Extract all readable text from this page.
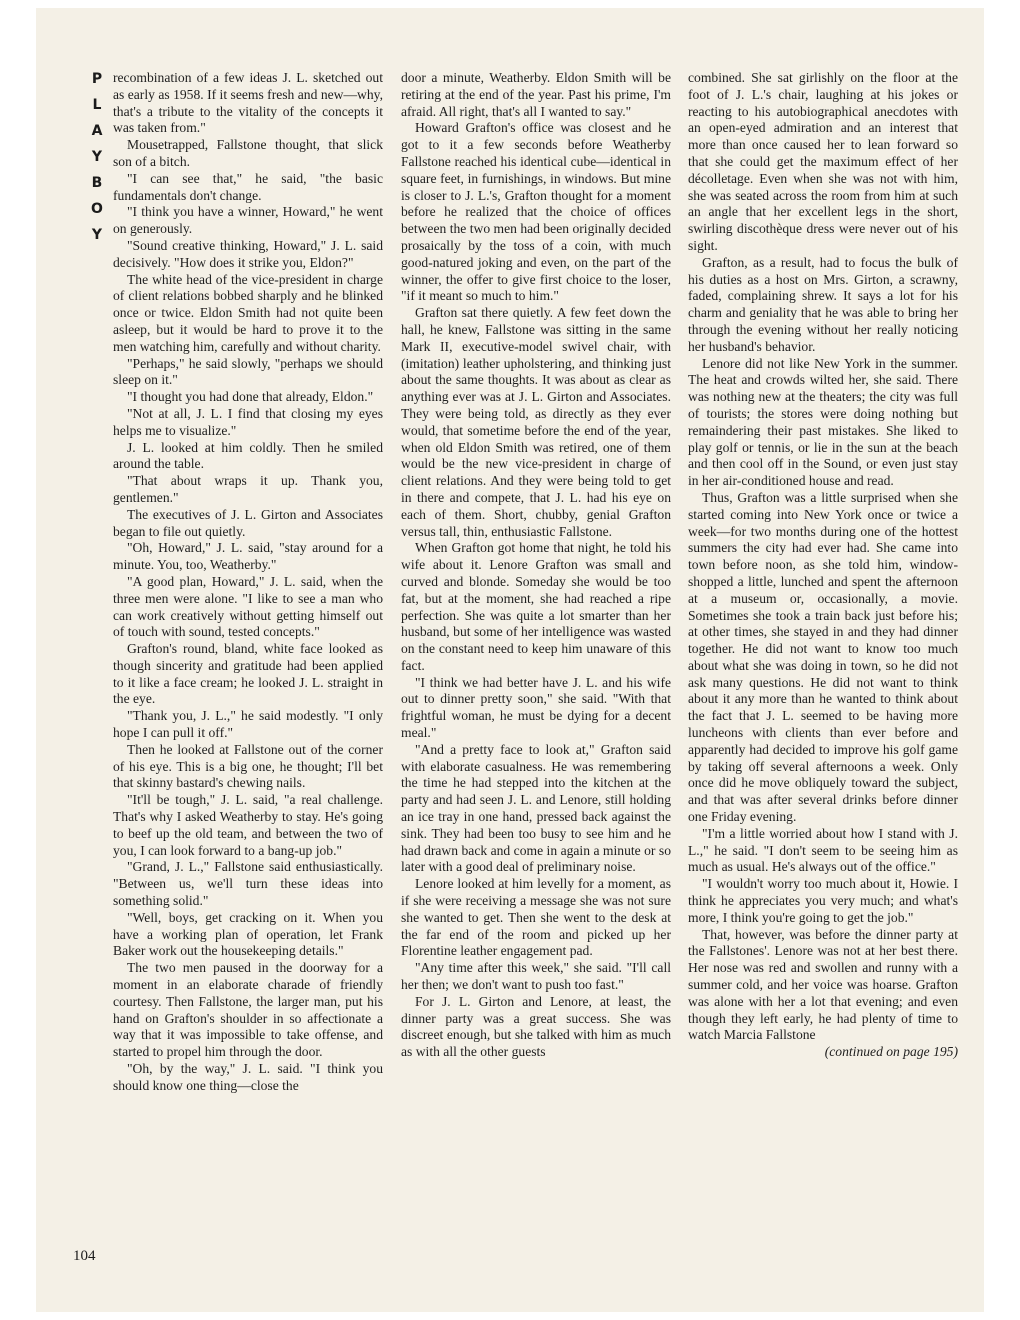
P
L
A
Y
B
O
Y
104

recombination of a few ideas J. L. sketched out as early as 1958. If it seems fresh and new—why, that's a tribute to the vitality of the concepts it was taken from."

Mousetrapped, Fallstone thought, that slick son of a bitch.

"I can see that," he said, "the basic fundamentals don't change.

"I think you have a winner, Howard," he went on generously.

"Sound creative thinking, Howard," J. L. said decisively. "How does it strike you, Eldon?"

The white head of the vice-president in charge of client relations bobbed sharply and he blinked once or twice. Eldon Smith had not quite been asleep, but it would be hard to prove it to the men watching him, carefully and without charity.

"Perhaps," he said slowly, "perhaps we should sleep on it."

"I thought you had done that already, Eldon."

"Not at all, J. L. I find that closing my eyes helps me to visualize."

J. L. looked at him coldly. Then he smiled around the table.

"That about wraps it up. Thank you, gentlemen."

The executives of J. L. Girton and Associates began to file out quietly.

"Oh, Howard," J. L. said, "stay around for a minute. You, too, Weatherby."

"A good plan, Howard," J. L. said, when the three men were alone. "I like to see a man who can work creatively without getting himself out of touch with sound, tested concepts."

Grafton's round, bland, white face looked as though sincerity and gratitude had been applied to it like a face cream; he looked J. L. straight in the eye.

"Thank you, J. L.," he said modestly. "I only hope I can pull it off."

Then he looked at Fallstone out of the corner of his eye. This is a big one, he thought; I'll bet that skinny bastard's chewing nails.

"It'll be tough," J. L. said, "a real challenge. That's why I asked Weatherby to stay. He's going to beef up the old team, and between the two of you, I can look forward to a bang-up job."

"Grand, J. L.," Fallstone said enthusiastically. "Between us, we'll turn these ideas into something solid."

"Well, boys, get cracking on it. When you have a working plan of operation, let Frank Baker work out the housekeeping details."

The two men paused in the doorway for a moment in an elaborate charade of friendly courtesy. Then Fallstone, the larger man, put his hand on Grafton's shoulder in so affectionate a way that it was impossible to take offense, and started to propel him through the door.

"Oh, by the way," J. L. said. "I think you should know one thing—close the

door a minute, Weatherby. Eldon Smith will be retiring at the end of the year. Past his prime, I'm afraid. All right, that's all I wanted to say."

Howard Grafton's office was closest and he got to it a few seconds before Weatherby Fallstone reached his identical cube—identical in square feet, in furnishings, in windows. But mine is closer to J. L.'s, Grafton thought for a moment before he realized that the choice of offices between the two men had been originally decided prosaically by the toss of a coin, with much good-natured joking and even, on the part of the winner, the offer to give first choice to the loser, "if it meant so much to him."

Grafton sat there quietly. A few feet down the hall, he knew, Fallstone was sitting in the same Mark II, executive-model swivel chair, with (imitation) leather upholstering, and thinking just about the same thoughts. It was about as clear as anything ever was at J. L. Girton and Associates. They were being told, as directly as they ever would, that sometime before the end of the year, when old Eldon Smith was retired, one of them would be the new vice-president in charge of client relations. And they were being told to get in there and compete, that J. L. had his eye on each of them. Short, chubby, genial Grafton versus tall, thin, enthusiastic Fallstone.

When Grafton got home that night, he told his wife about it. Lenore Grafton was small and curved and blonde. Someday she would be too fat, but at the moment, she had reached a ripe perfection. She was quite a lot smarter than her husband, but some of her intelligence was wasted on the constant need to keep him unaware of this fact.

"I think we had better have J. L. and his wife out to dinner pretty soon," she said. "With that frightful woman, he must be dying for a decent meal."

"And a pretty face to look at," Grafton said with elaborate casualness. He was remembering the time he had stepped into the kitchen at the party and had seen J. L. and Lenore, still holding an ice tray in one hand, pressed back against the sink. They had been too busy to see him and he had drawn back and come in again a minute or so later with a good deal of preliminary noise.

Lenore looked at him levelly for a moment, as if she were receiving a message she was not sure she wanted to get. Then she went to the desk at the far end of the room and picked up her Florentine leather engagement pad.

"Any time after this week," she said. "I'll call her then; we don't want to push too fast."

For J. L. Girton and Lenore, at least, the dinner party was a great success. She was discreet enough, but she talked with him as much as with all the other guests

combined. She sat girlishly on the floor at the foot of J. L.'s chair, laughing at his jokes or reacting to his autobiographical anecdotes with an open-eyed admiration and an interest that more than once caused her to lean forward so that she could get the maximum effect of her décolletage. Even when she was not with him, she was seated across the room from him at such an angle that her excellent legs in the short, swirling discothèque dress were never out of his sight.

Grafton, as a result, had to focus the bulk of his duties as a host on Mrs. Girton, a scrawny, faded, complaining shrew. It says a lot for his charm and geniality that he was able to bring her through the evening without her really noticing her husband's behavior.

Lenore did not like New York in the summer. The heat and crowds wilted her, she said. There was nothing new at the theaters; the city was full of tourists; the stores were doing nothing but remaindering their past mistakes. She liked to play golf or tennis, or lie in the sun at the beach and then cool off in the Sound, or even just stay in her air-conditioned house and read.

Thus, Grafton was a little surprised when she started coming into New York once or twice a week—for two months during one of the hottest summers the city had ever had. She came into town before noon, as she told him, window-shopped a little, lunched and spent the afternoon at a museum or, occasionally, a movie. Sometimes she took a train back just before his; at other times, she stayed in and they had dinner together. He did not want to know too much about what she was doing in town, so he did not ask many questions. He did not want to think about it any more than he wanted to think about the fact that J. L. seemed to be having more luncheons with clients than ever before and apparently had decided to improve his golf game by taking off several afternoons a week. Only once did he move obliquely toward the subject, and that was after several drinks before dinner one Friday evening.

"I'm a little worried about how I stand with J. L.," he said. "I don't seem to be seeing him as much as usual. He's always out of the office."

"I wouldn't worry too much about it, Howie. I think he appreciates you very much; and what's more, I think you're going to get the job."

That, however, was before the dinner party at the Fallstones'. Lenore was not at her best there. Her nose was red and swollen and runny with a summer cold, and her voice was hoarse. Grafton was alone with her a lot that evening; and even though they left early, he had plenty of time to watch Marcia Fallstone

(continued on page 195)
